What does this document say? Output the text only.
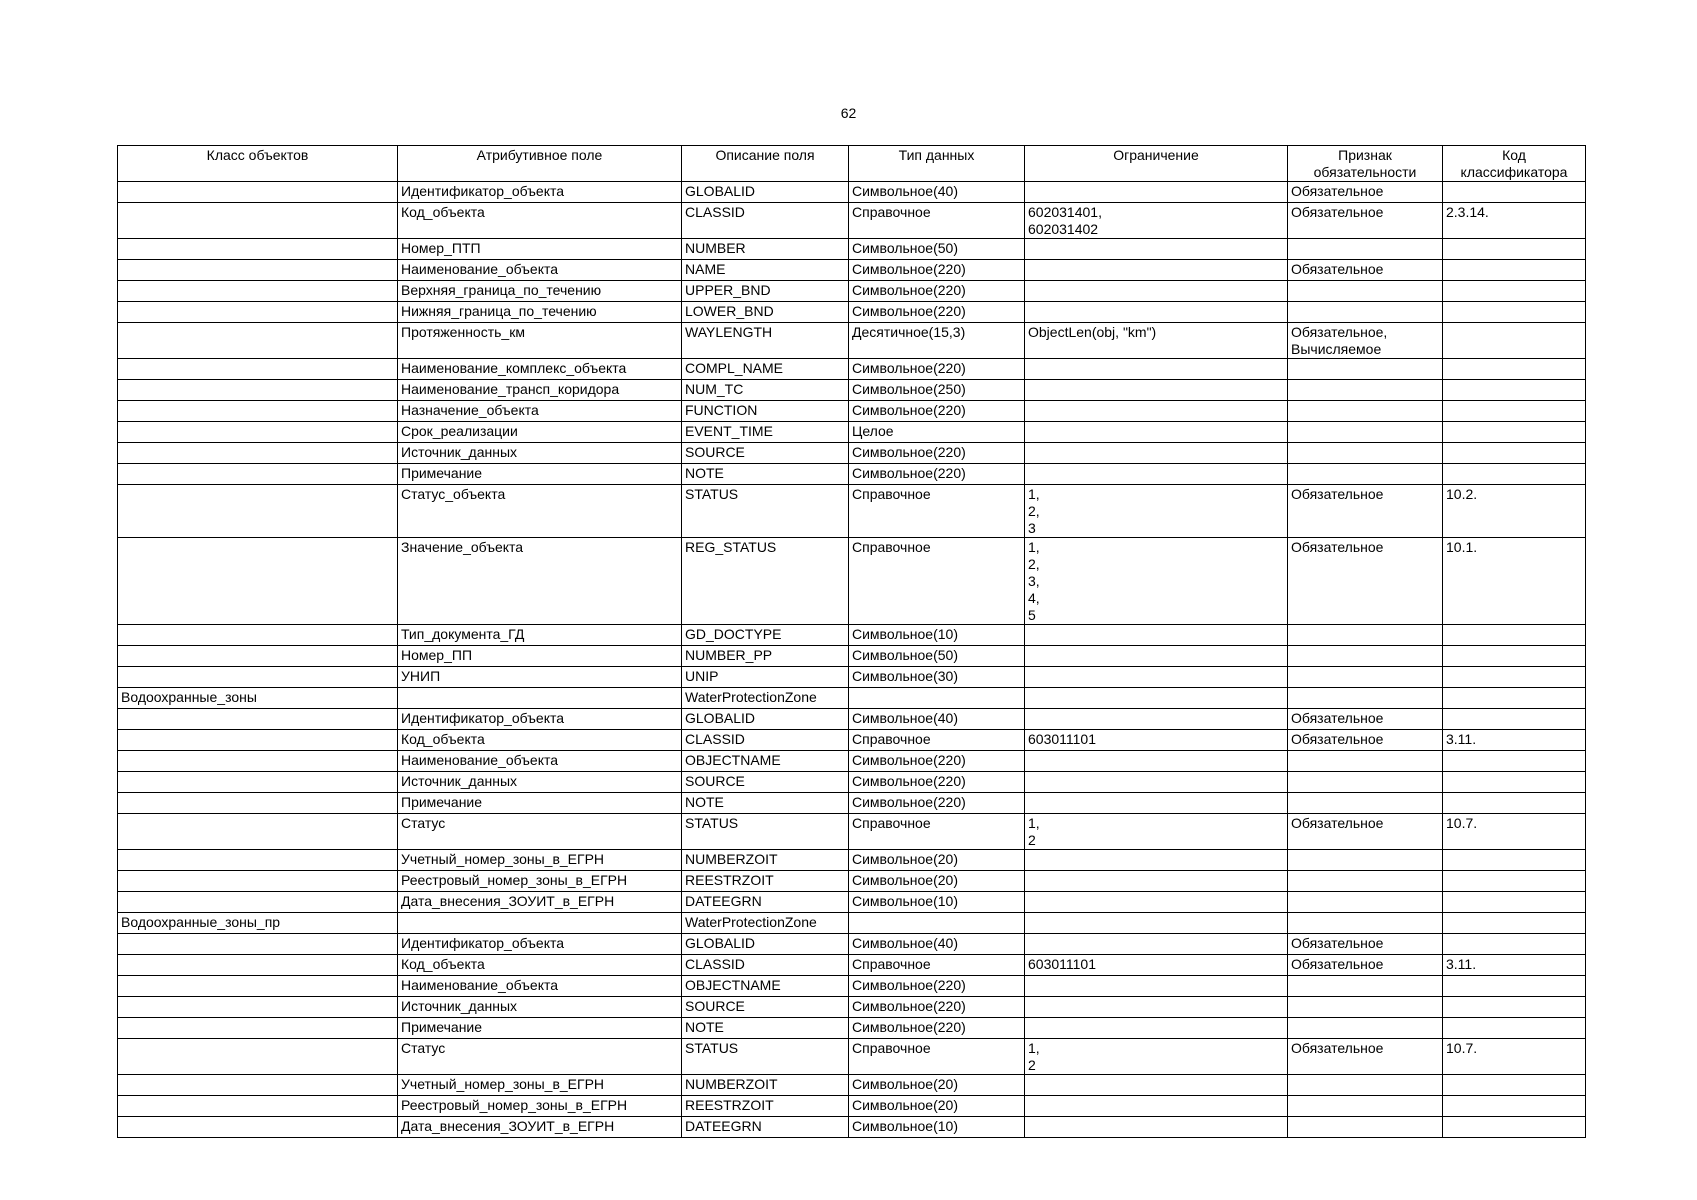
62
Класс объектов	Атрибутивное поле	Описание поля	Тип данных	Ограничение	Признак
обязательности	Код
классификатора
	Идентификатор_объекта	GLOBALID	Символьное(40)		Обязательное	
	Код_объекта	CLASSID	Справочное	602031401,
602031402	Обязательное	2.3.14.
	Номер_ПТП	NUMBER	Символьное(50)			
	Наименование_объекта	NAME	Символьное(220)		Обязательное	
	Верхняя_граница_по_течению	UPPER_BND	Символьное(220)			
	Нижняя_граница_по_течению	LOWER_BND	Символьное(220)			
	Протяженность_км	WAYLENGTH	Десятичное(15,3)	ObjectLen(obj, "km")	Обязательное,
Вычисляемое	
	Наименование_комплекс_объекта	COMPL_NAME	Символьное(220)			
	Наименование_трансп_коридора	NUM_TC	Символьное(250)			
	Назначение_объекта	FUNCTION	Символьное(220)			
	Срок_реализации	EVENT_TIME	Целое			
	Источник_данных	SOURCE	Символьное(220)			
	Примечание	NOTE	Символьное(220)			
	Статус_объекта	STATUS	Справочное	1,
2,
3	Обязательное	10.2.
	Значение_объекта	REG_STATUS	Справочное	1,
2,
3,
4,
5	Обязательное	10.1.
	Тип_документа_ГД	GD_DOCTYPE	Символьное(10)			
	Номер_ПП	NUMBER_PP	Символьное(50)			
	УНИП	UNIP	Символьное(30)			
Водоохранные_зоны		WaterProtectionZone				
	Идентификатор_объекта	GLOBALID	Символьное(40)		Обязательное	
	Код_объекта	CLASSID	Справочное	603011101	Обязательное	3.11.
	Наименование_объекта	OBJECTNAME	Символьное(220)			
	Источник_данных	SOURCE	Символьное(220)			
	Примечание	NOTE	Символьное(220)			
	Статус	STATUS	Справочное	1,
2	Обязательное	10.7.
	Учетный_номер_зоны_в_ЕГРН	NUMBERZOIT	Символьное(20)			
	Реестровый_номер_зоны_в_ЕГРН	REESTRZOIT	Символьное(20)			
	Дата_внесения_ЗОУИТ_в_ЕГРН	DATEEGRN	Символьное(10)			
Водоохранные_зоны_пр		WaterProtectionZone				
	Идентификатор_объекта	GLOBALID	Символьное(40)		Обязательное	
	Код_объекта	CLASSID	Справочное	603011101	Обязательное	3.11.
	Наименование_объекта	OBJECTNAME	Символьное(220)			
	Источник_данных	SOURCE	Символьное(220)			
	Примечание	NOTE	Символьное(220)			
	Статус	STATUS	Справочное	1,
2	Обязательное	10.7.
	Учетный_номер_зоны_в_ЕГРН	NUMBERZOIT	Символьное(20)			
	Реестровый_номер_зоны_в_ЕГРН	REESTRZOIT	Символьное(20)			
	Дата_внесения_ЗОУИТ_в_ЕГРН	DATEEGRN	Символьное(10)			
